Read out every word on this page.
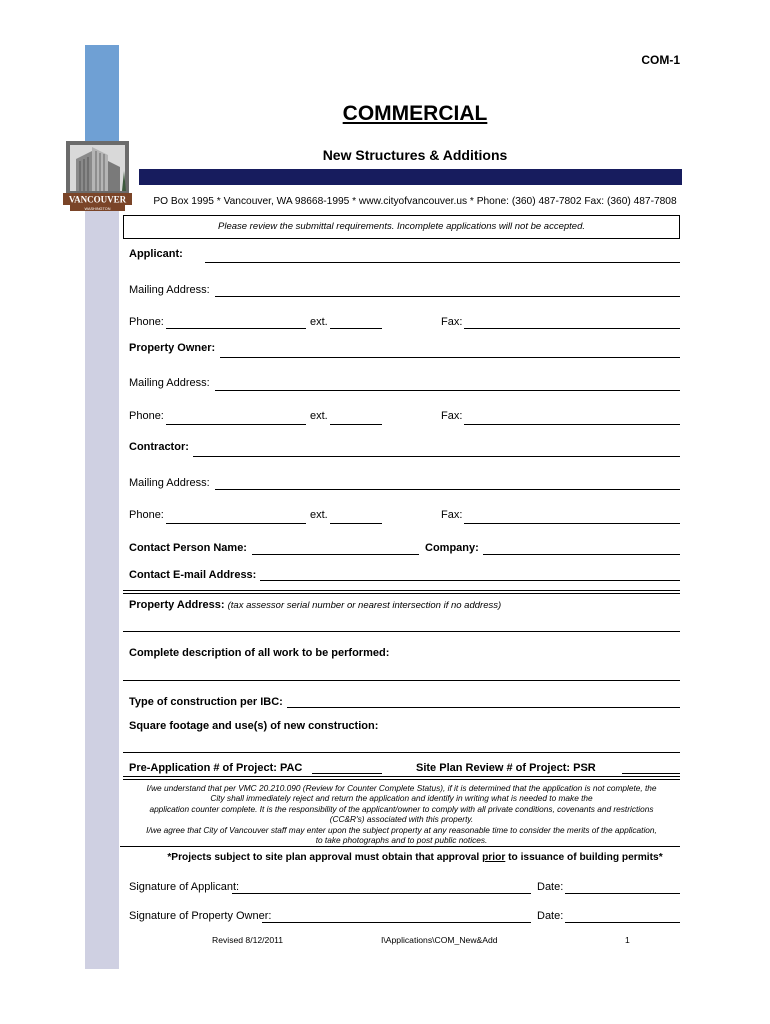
VANCOUVER
WASHINGTON
COM-1
COMMERCIAL
New Structures & Additions
PO Box 1995 * Vancouver, WA 98668-1995 * www.cityofvancouver.us * Phone: (360) 487-7802 Fax: (360) 487-7808
Please review the submittal requirements. Incomplete applications will not be accepted.
Applicant:
Mailing Address:
Phone:	ext.	Fax:
Property Owner:
Mailing Address:
Phone:	ext.	Fax:
Contractor:
Mailing Address:
Phone:	ext.	Fax:
Contact Person Name:	Company:
Contact E-mail Address:
Property Address: (tax assessor serial number or nearest intersection if no address)
Complete description of all work to be performed:
Type of construction per IBC:
Square footage and use(s) of new construction:
Pre-Application # of Project: PAC	Site Plan Review # of Project: PSR
I/we understand that per VMC 20.210.090 (Review for Counter Complete Status), if it is determined that the application is not complete, the
City shall immediately reject and return the application and identify in writing what is needed to make the
application counter complete. It is the responsibility of the applicant/owner to comply with all private conditions, covenants and restrictions
(CC&R's) associated with this property.
I/we agree that City of Vancouver staff may enter upon the subject property at any reasonable time to consider the merits of the application,
to take photographs and to post public notices.
*Projects subject to site plan approval must obtain that approval prior to issuance of building permits*
Signature of Applicant:	Date:
Signature of Property Owner:	Date:
Revised 8/12/2011	I\Applications\COM_New&Add	1
